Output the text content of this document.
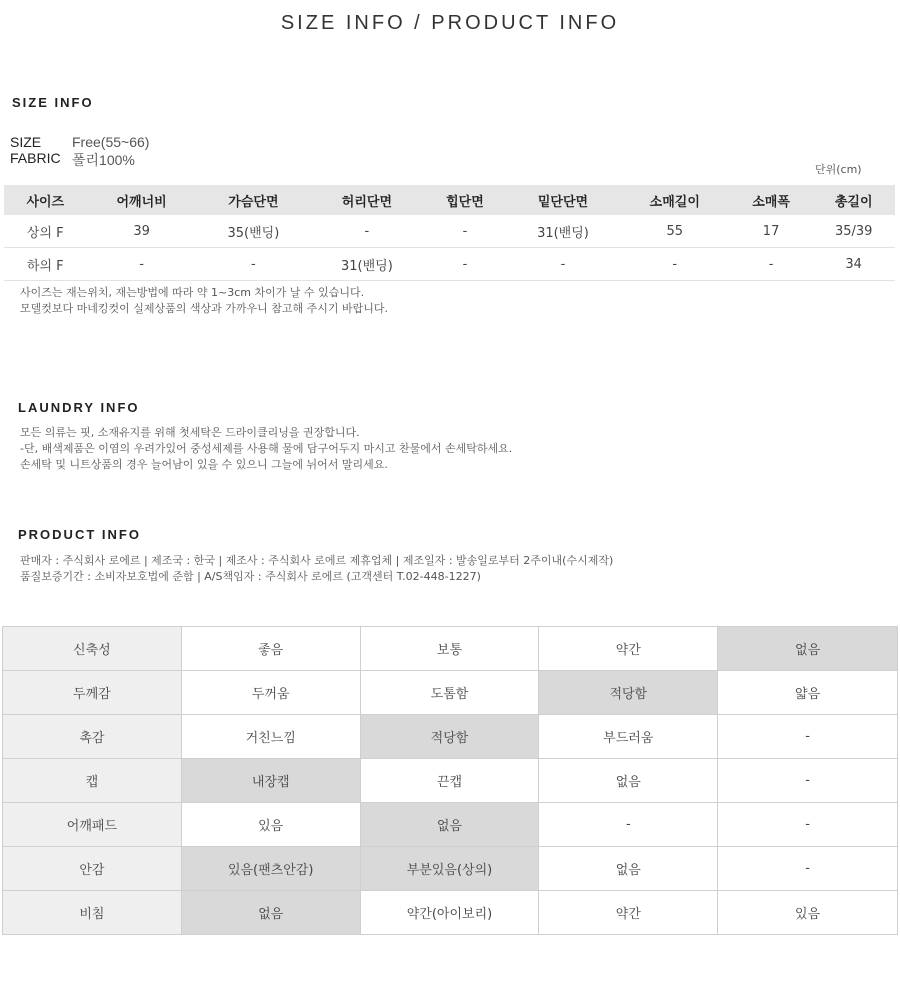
SIZE INFO / PRODUCT INFO
SIZE INFO
SIZE Free(55~66)
FABRIC 폴리100%
단위(cm)
사이즈	어깨너비	가슴단면	허리단면	힙단면	밑단단면	소매길이	소매폭	총길이
상의 F	39	35(밴딩)	-	-	31(밴딩)	55	17	35/39
하의 F	-	-	31(밴딩)	-	-	-	-	34
사이즈는 재는위치, 재는방법에 따라 약 1~3cm 차이가 날 수 있습니다.
모델컷보다 마네킹컷이 실제상품의 색상과 가까우니 참고해 주시기 바랍니다.
LAUNDRY INFO
모든 의류는 핏, 소재유지를 위해 첫세탁은 드라이클리닝을 권장합니다.
-단, 배색제품은 이염의 우려가있어 중성세제를 사용해 물에 담구어두지 마시고 찬물에서 손세탁하세요.
손세탁 및 니트상품의 경우 늘어남이 있을 수 있으니 그늘에 뉘어서 말리세요.
PRODUCT INFO
판매자 : 주식회사 로에르 | 제조국 : 한국 | 제조사 : 주식회사 로에르 제휴업체 | 제조일자 : 발송일로부터 2주이내(수시제작)
품질보증기간 : 소비자보호법에 준함 | A/S책임자 : 주식회사 로에르 (고객센터 T.02-448-1227)
신축성	좋음	보통	약간	없음
두께감	두꺼움	도톰함	적당함	얇음
촉감	거친느낌	적당함	부드러움	-
캡	내장캡	끈캡	없음	-
어깨패드	있음	없음	-	-
안감	있음(팬츠안감)	부분있음(상의)	없음	-
비침	없음	약간(아이보리)	약간	있음
